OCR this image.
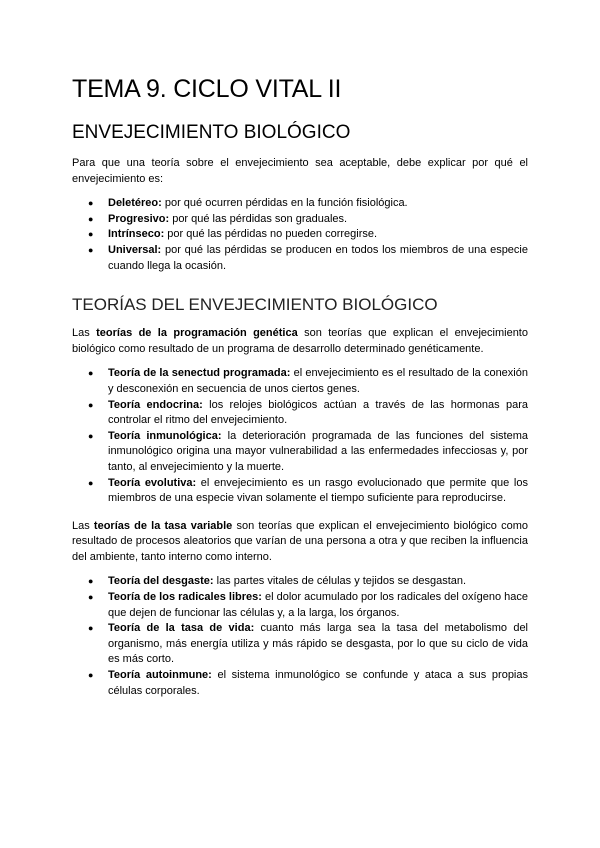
TEMA 9. CICLO VITAL II
ENVEJECIMIENTO BIOLÓGICO

Para que una teoría sobre el envejecimiento sea aceptable, debe explicar por qué el envejecimiento es:

● Deletéreo: por qué ocurren pérdidas en la función fisiológica.
● Progresivo: por qué las pérdidas son graduales.
● Intrínseco: por qué las pérdidas no pueden corregirse.
● Universal: por qué las pérdidas se producen en todos los miembros de una especie cuando llega la ocasión.
TEORÍAS DEL ENVEJECIMIENTO BIOLÓGICO

Las teorías de la programación genética son teorías que explican el envejecimiento biológico como resultado de un programa de desarrollo determinado genéticamente.

● Teoría de la senectud programada: el envejecimiento es el resultado de la conexión y desconexión en secuencia de unos ciertos genes.
● Teoría endocrina: los relojes biológicos actúan a través de las hormonas para controlar el ritmo del envejecimiento.
● Teoría inmunológica: la deterioración programada de las funciones del sistema inmunológico origina una mayor vulnerabilidad a las enfermedades infecciosas y, por tanto, al envejecimiento y la muerte.
● Teoría evolutiva: el envejecimiento es un rasgo evolucionado que permite que los miembros de una especie vivan solamente el tiempo suficiente para reproducirse.

Las teorías de la tasa variable son teorías que explican el envejecimiento biológico como resultado de procesos aleatorios que varían de una persona a otra y que reciben la influencia del ambiente, tanto interno como interno.

● Teoría del desgaste: las partes vitales de células y tejidos se desgastan.
● Teoría de los radicales libres: el dolor acumulado por los radicales del oxígeno hace que dejen de funcionar las células y, a la larga, los órganos.
● Teoría de la tasa de vida: cuanto más larga sea la tasa del metabolismo del organismo, más energía utiliza y más rápido se desgasta, por lo que su ciclo de vida es más corto.
● Teoría autoinmune: el sistema inmunológico se confunde y ataca a sus propias células corporales.
